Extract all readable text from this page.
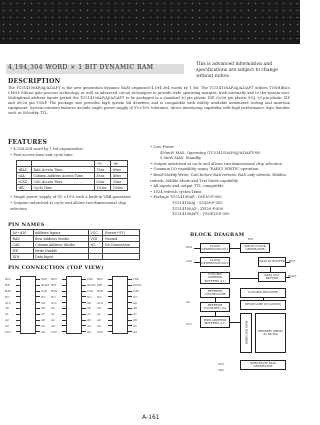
4,194,304 WORD × 1 BIT DYNAMIC RAM	This is advanced information and specifications are subject to change without notice.
DESCRIPTION
The TC514100AP/AJ/AZ/AFT is the new generation dynamic RAM organized 4,194,304 words by 1 bit. The TC514100AP/AJ/AZ/AFT utilizes TOSHIBA's CMOS Silicon gate process technology as well as advanced circuit techniques to provide wide operating margins, both internally and to the system user. Multiplexed address inputs permit the TC514100AP/AJ/AZ/AFT to be packaged in a standard 20 pin plastic DIP, 20/26 pin plastic SOJ, 20 pin plastic ZIP and 20/26 pin TSOP. The package size provides high system bit densities and is compatible with widely available automated testing and insertion equipment. System oriented features include single power supply of 5V±10% tolerance, direct interfacing capability with high performance logic families such as Schottky TTL.
FEATURES
• 4,194,304 word by 1 bit organization
• Fast access time and cycle time
		-70	-80
tRAC	RAS Access Time	70ns	80ns
tAA	Column Address Access Time	35ns	40ns
tCAC	CAS Access Time	20ns	20ns
tRC	Cycle Time	130ns	150ns
• Single power supply of 5V ±10% with a built-in VBB generator
• Outputs unlatched at cycle end allows two-dimensional chip selection
• Low Power
495mW MAX. Operating (TC514100AP/AJ/AZ/AFT-80)
5.5mW MAX. Standby
• Output unlatched at cycle end allows two-dimensional chip selection
• Common I/O capability using "EARLY WRITE" operation
• Read-Modify-Write, CAS before RAS refresh, RAS only refresh, Hidden refresh, Nibble Mode and Test Mode capability
• All inputs and output TTL compatible
• 1024 refresh cycles/16ms
• Package TC514100AP : DIP20-P-300
TC514100AJ : SOJ26-P-300
TC514100AZ : ZIP20-P-400
TC514100AFT : TSOP26-P-300
PIN NAMES
A0~A10	Address Inputs	VCC	Power(+5V)
RAS	Row Address Strobe	VSS	Ground
CAS	Column Address Strobe	NC	No Connection
WE	Write Enable		
DIN	Data Input		
PIN CONNECTION (TOP VIEW)
DIN	VSS
WE	DOUT
RAS	CAS
NC	NC
A10	A9
A0	A8
A1	A7
A2	A6
A3	A5
VCC	A4
DIN	VSS
WE	DOUT
RAS	CAS
NC	NC
A10	A9
A0	A8
A1	A7
A2	A6
A3	A5
VCC	A4
DIN	VSS
WE	DOUT
RAS	CAS
NC	NC
A10	A9
A0	A8
A1	A7
A2	A6
A3	A5
VCC	A4
BLOCK DIAGRAM
CLOCK GENERATOR NO.1
CLOCK GENERATOR NO.2
WRITE CLOCK GENERATOR
DATA IN BUFFER
DATA OUT BUFFER
COLUMN ADDRESS BUFFERS (11)
REFRESH CONTROLLER
REFRESH COUNTER (10)
ROW ADDRESS BUFFERS (11)
COLUMN DECODER
SENSE AMP I/O GATING
ROW DECODER	MEMORY ARRAY 4,194,304
SUBSTRATE BIAS GENERATOR
RAS
CAS
WE
DIN
DOUT
A0
A10
VCC
VSS
A-161
